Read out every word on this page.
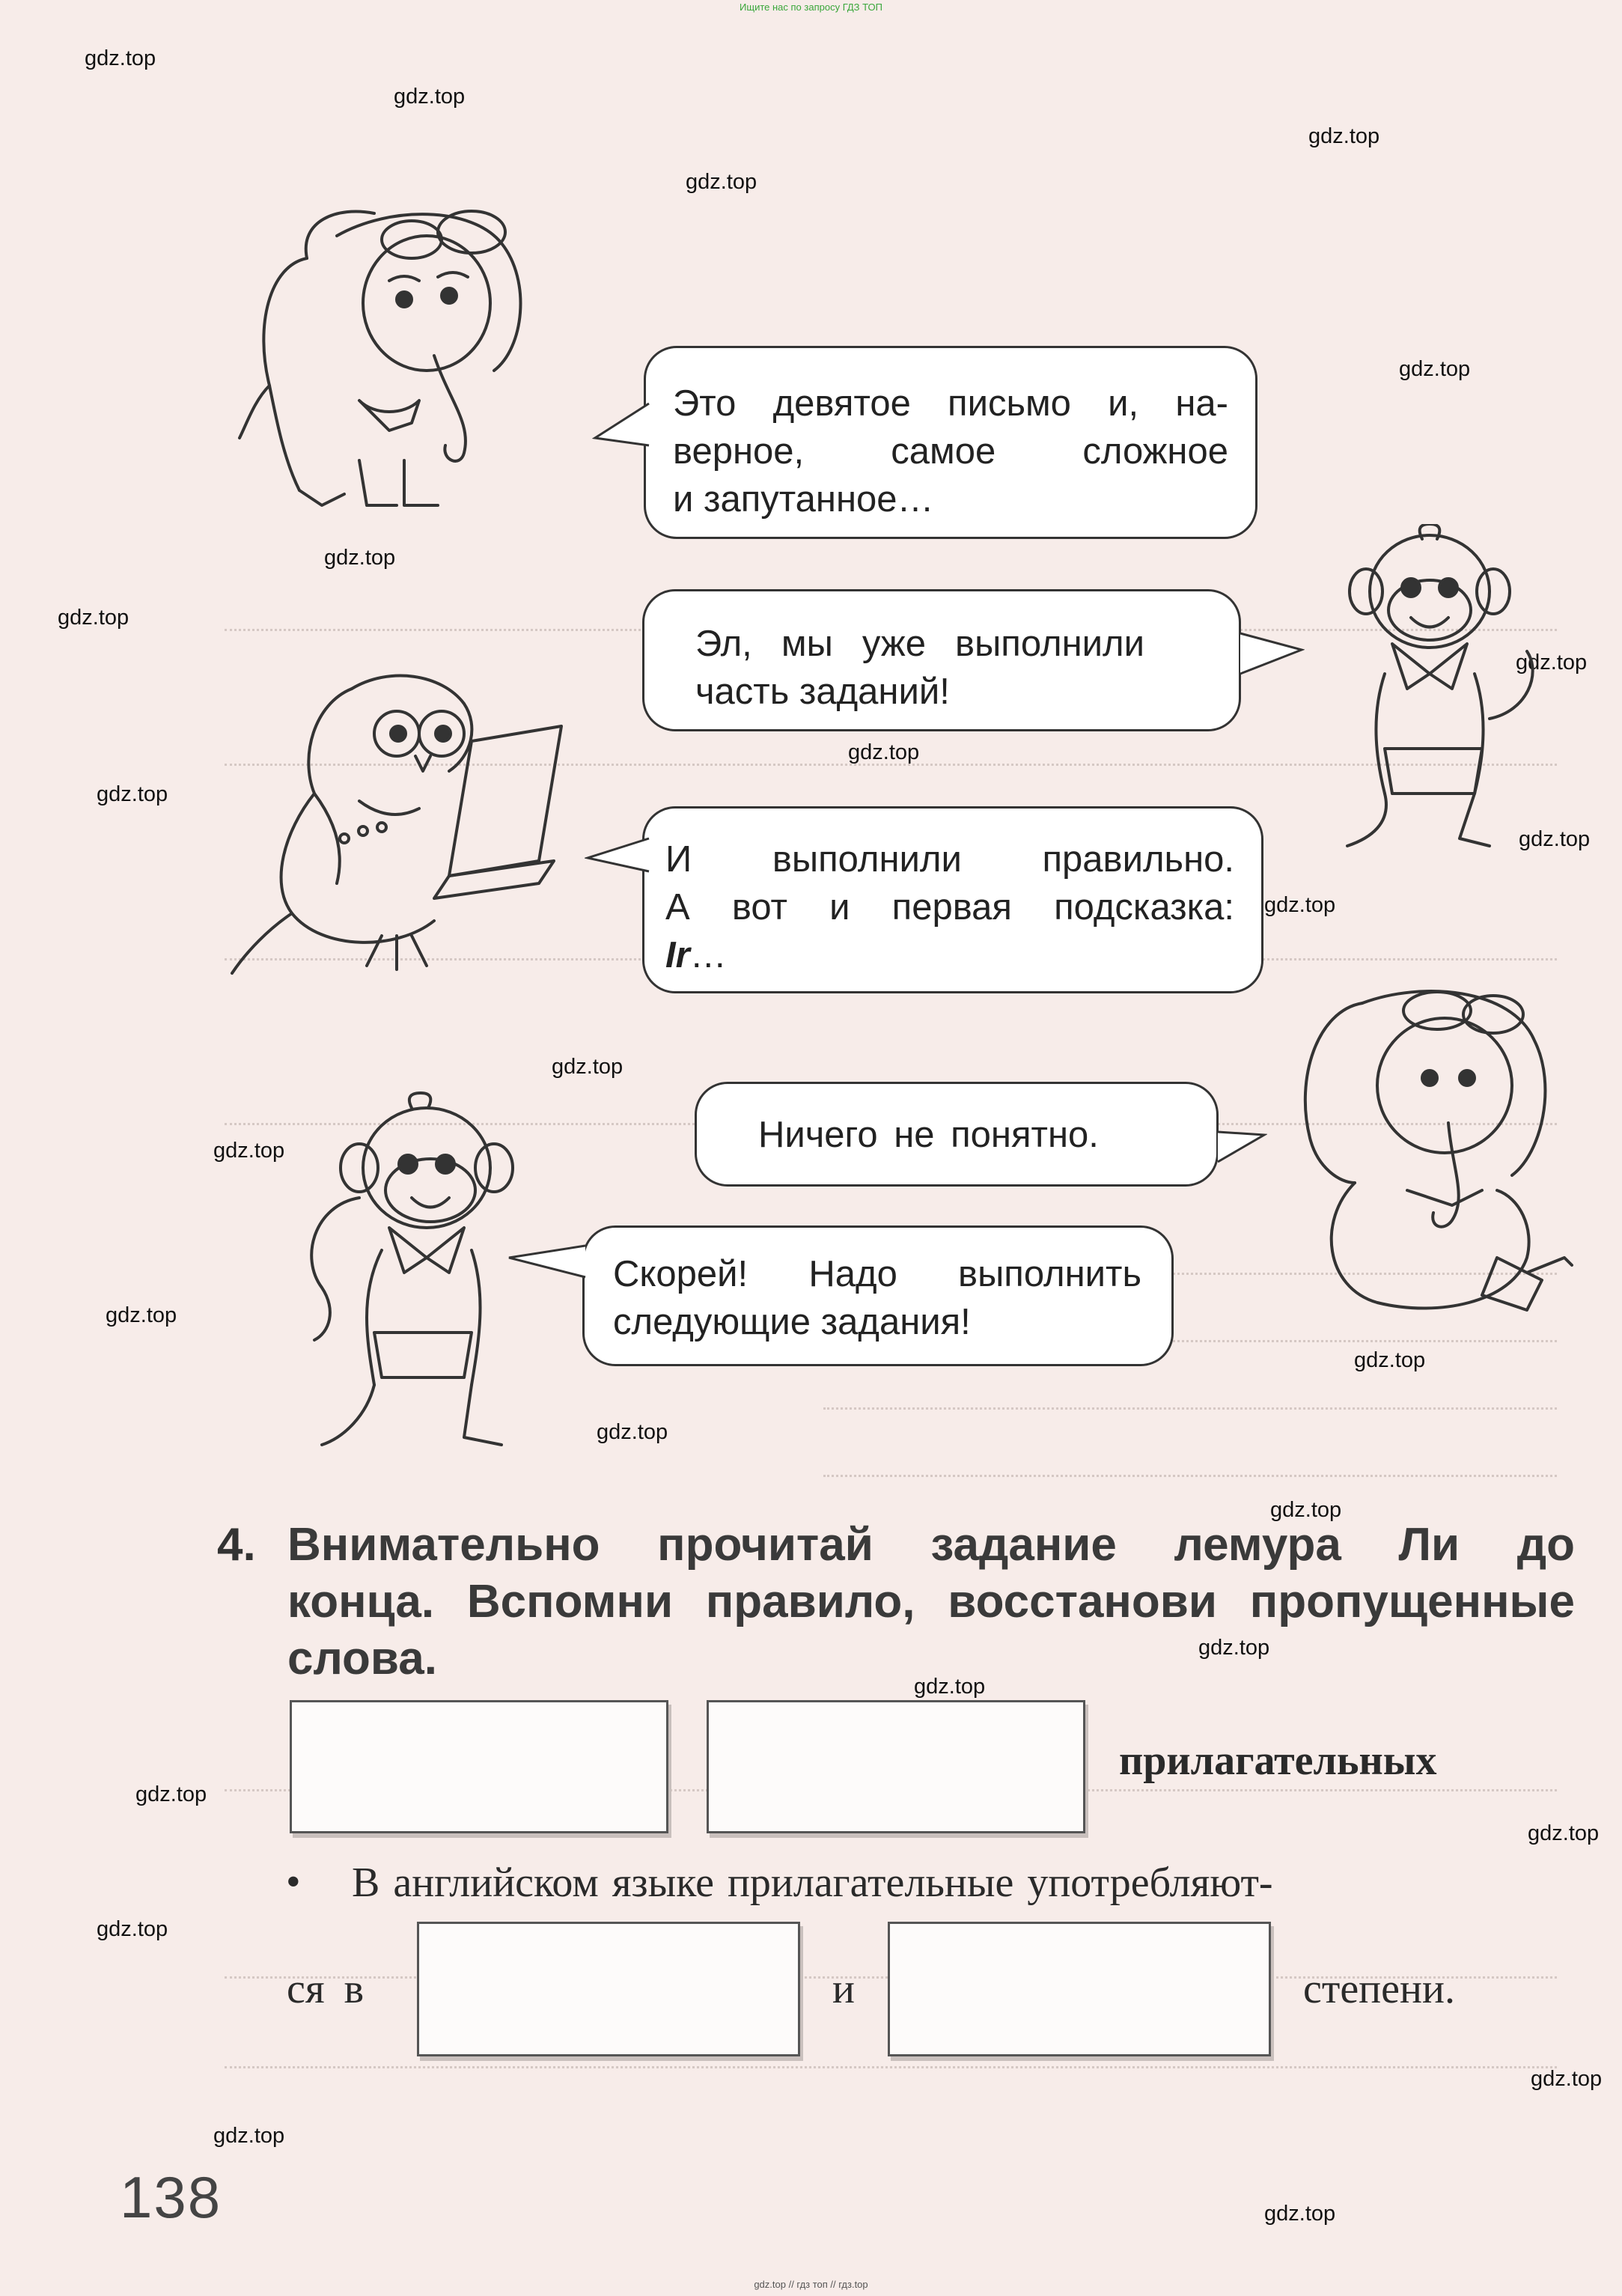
Ищите нас по запросу ГДЗ ТОП
gdz.top
gdz.top
gdz.top
gdz.top
gdz.top
gdz.top
gdz.top
gdz.top
gdz.top
gdz.top
gdz.top
gdz.top
gdz.top
gdz.top
gdz.top
gdz.top
gdz.top
gdz.top
gdz.top
gdz.top
gdz.top
gdz.top
gdz.top
gdz.top
gdz.top
gdz.top
Это девятое письмо и, на-
верное, самое сложное
и запутанное…
Эл, мы уже выполнили
часть заданий!
И выполнили правильно.
А вот и первая подсказка:
Ir…
Ничего не понятно.
Скорей! Надо выполнить
следующие задания!
4. Внимательно прочитай задание лемура Ли до
конца. Вспомни правило, восстанови пропущенные
слова.
прилагательных
• В английском языке прилагательные употребляют-
ся в	и	степени.
138
gdz.top // гдз топ // гдз.top
